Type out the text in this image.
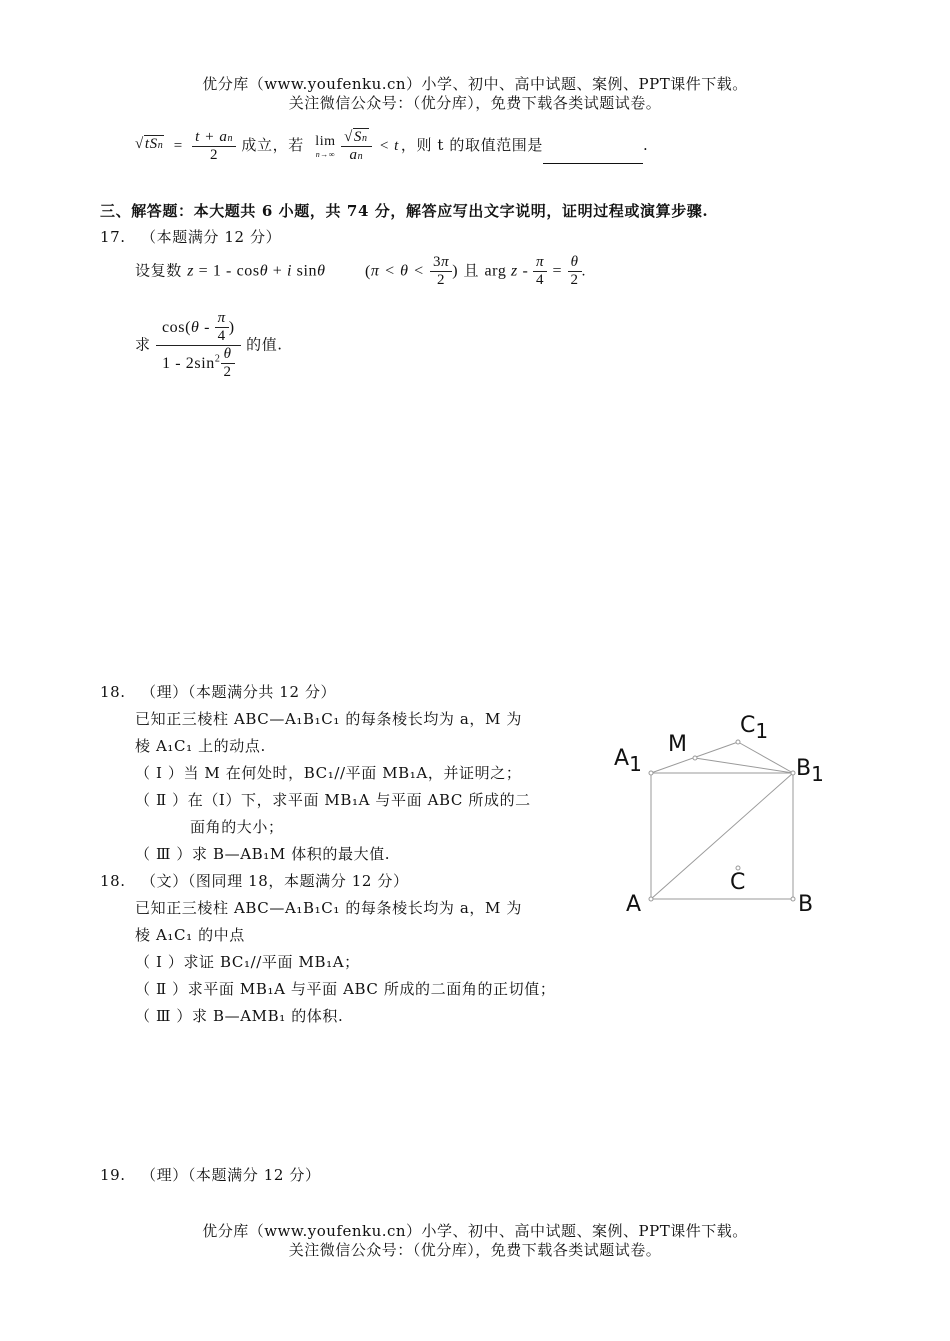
优分库（www.youfenku.cn）小学、初中、高中试题、案例、PPT课件下载。
关注微信公众号：（优分库），免费下载各类试题试卷。
$√tSn = \frac{t + an}{2}$ 成立，若 lim
n→∞
$\frac{√Sn}{an} < t$ ，则 t 的取值范围是	.
三、解答题：本大题共 6 小题，共 74 分，解答应写出文字说明，证明过程或演算步骤.
17. （本题满分 12 分）
设复数 z = 1 - cosθ + i sinθ ($\pi < \theta < \frac{3\pi}{2}$ ) 且 arg $z - \frac{\pi}{4} = \frac{\theta}{2}$ .
求 $\frac{\cos(\theta - \frac{\pi}{4} )}{1 - 2\sin^2 \frac{\theta}{2}}$ 的值.
18. （理）（本题满分共 12 分）
已知正三棱柱 ABC—A₁B₁C₁ 的每条棱长均为 a，M 为
棱 A₁C₁ 上的动点.
（ Ⅰ ）当 M 在何处时，BC₁//平面 MB₁A，并证明之；
（ Ⅱ ）在（Ⅰ）下，求平面 MB₁A 与平面 ABC 所成的二
面角的大小；
（ Ⅲ ）求 B—AB₁M 体积的最大值.
18. （文）（图同理 18，本题满分 12 分）
已知正三棱柱 ABC—A₁B₁C₁ 的每条棱长均为 a，M 为
棱 A₁C₁ 的中点
（ Ⅰ ）求证 BC₁//平面 MB₁A；
（ Ⅱ ）求平面 MB₁A 与平面 ABC 所成的二面角的正切值；
（ Ⅲ ）求 B—AMB₁ 的体积.
A1
M
C1
B1
C
A	B
19. （理）（本题满分 12 分）
优分库（www.youfenku.cn）小学、初中、高中试题、案例、PPT课件下载。
关注微信公众号：（优分库），免费下载各类试题试卷。
